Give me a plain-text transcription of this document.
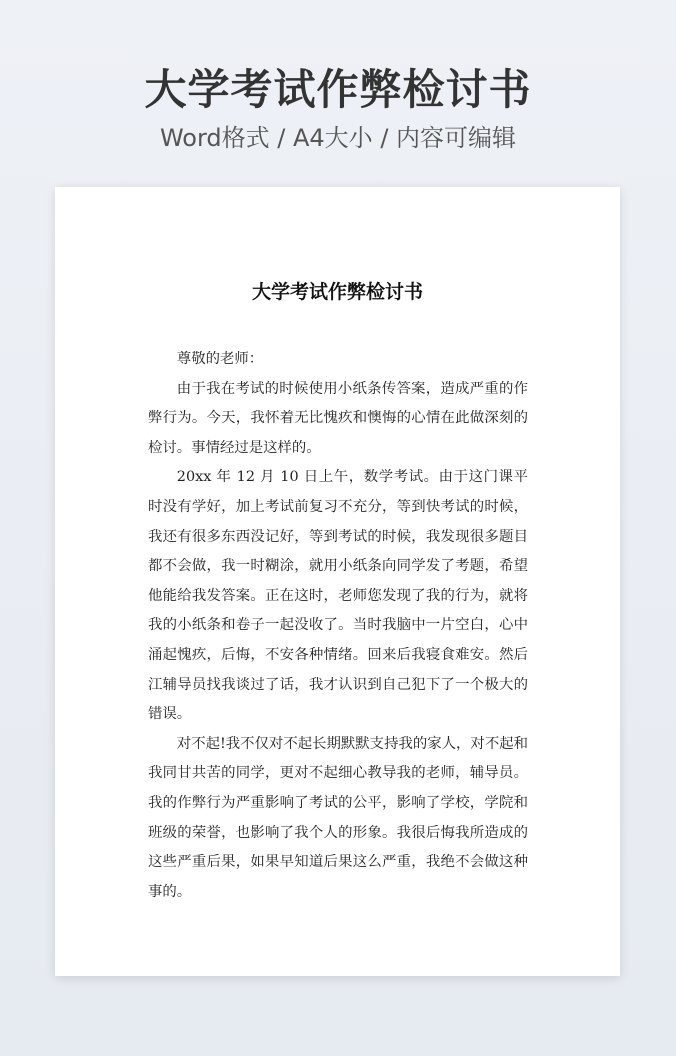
大学考试作弊检讨书
Word格式 / A4大小 / 内容可编辑
大学考试作弊检讨书

尊敬的老师：

由于我在考试的时候使用小纸条传答案，造成严重的作弊行为。今天，我怀着无比愧疚和懊悔的心情在此做深刻的检讨。事情经过是这样的。

20xx 年 12 月 10 日上午，数学考试。由于这门课平时没有学好，加上考试前复习不充分，等到快考试的时候，我还有很多东西没记好，等到考试的时候，我发现很多题目都不会做，我一时糊涂，就用小纸条向同学发了考题，希望他能给我发答案。正在这时，老师您发现了我的行为，就将我的小纸条和卷子一起没收了。当时我脑中一片空白，心中涌起愧疚，后悔，不安各种情绪。回来后我寝食难安。然后江辅导员找我谈过了话，我才认识到自己犯下了一个极大的错误。

对不起!我不仅对不起长期默默支持我的家人，对不起和我同甘共苦的同学，更对不起细心教导我的老师，辅导员。我的作弊行为严重影响了考试的公平，影响了学校，学院和班级的荣誉，也影响了我个人的形象。我很后悔我所造成的这些严重后果，如果早知道后果这么严重，我绝不会做这种事的。
